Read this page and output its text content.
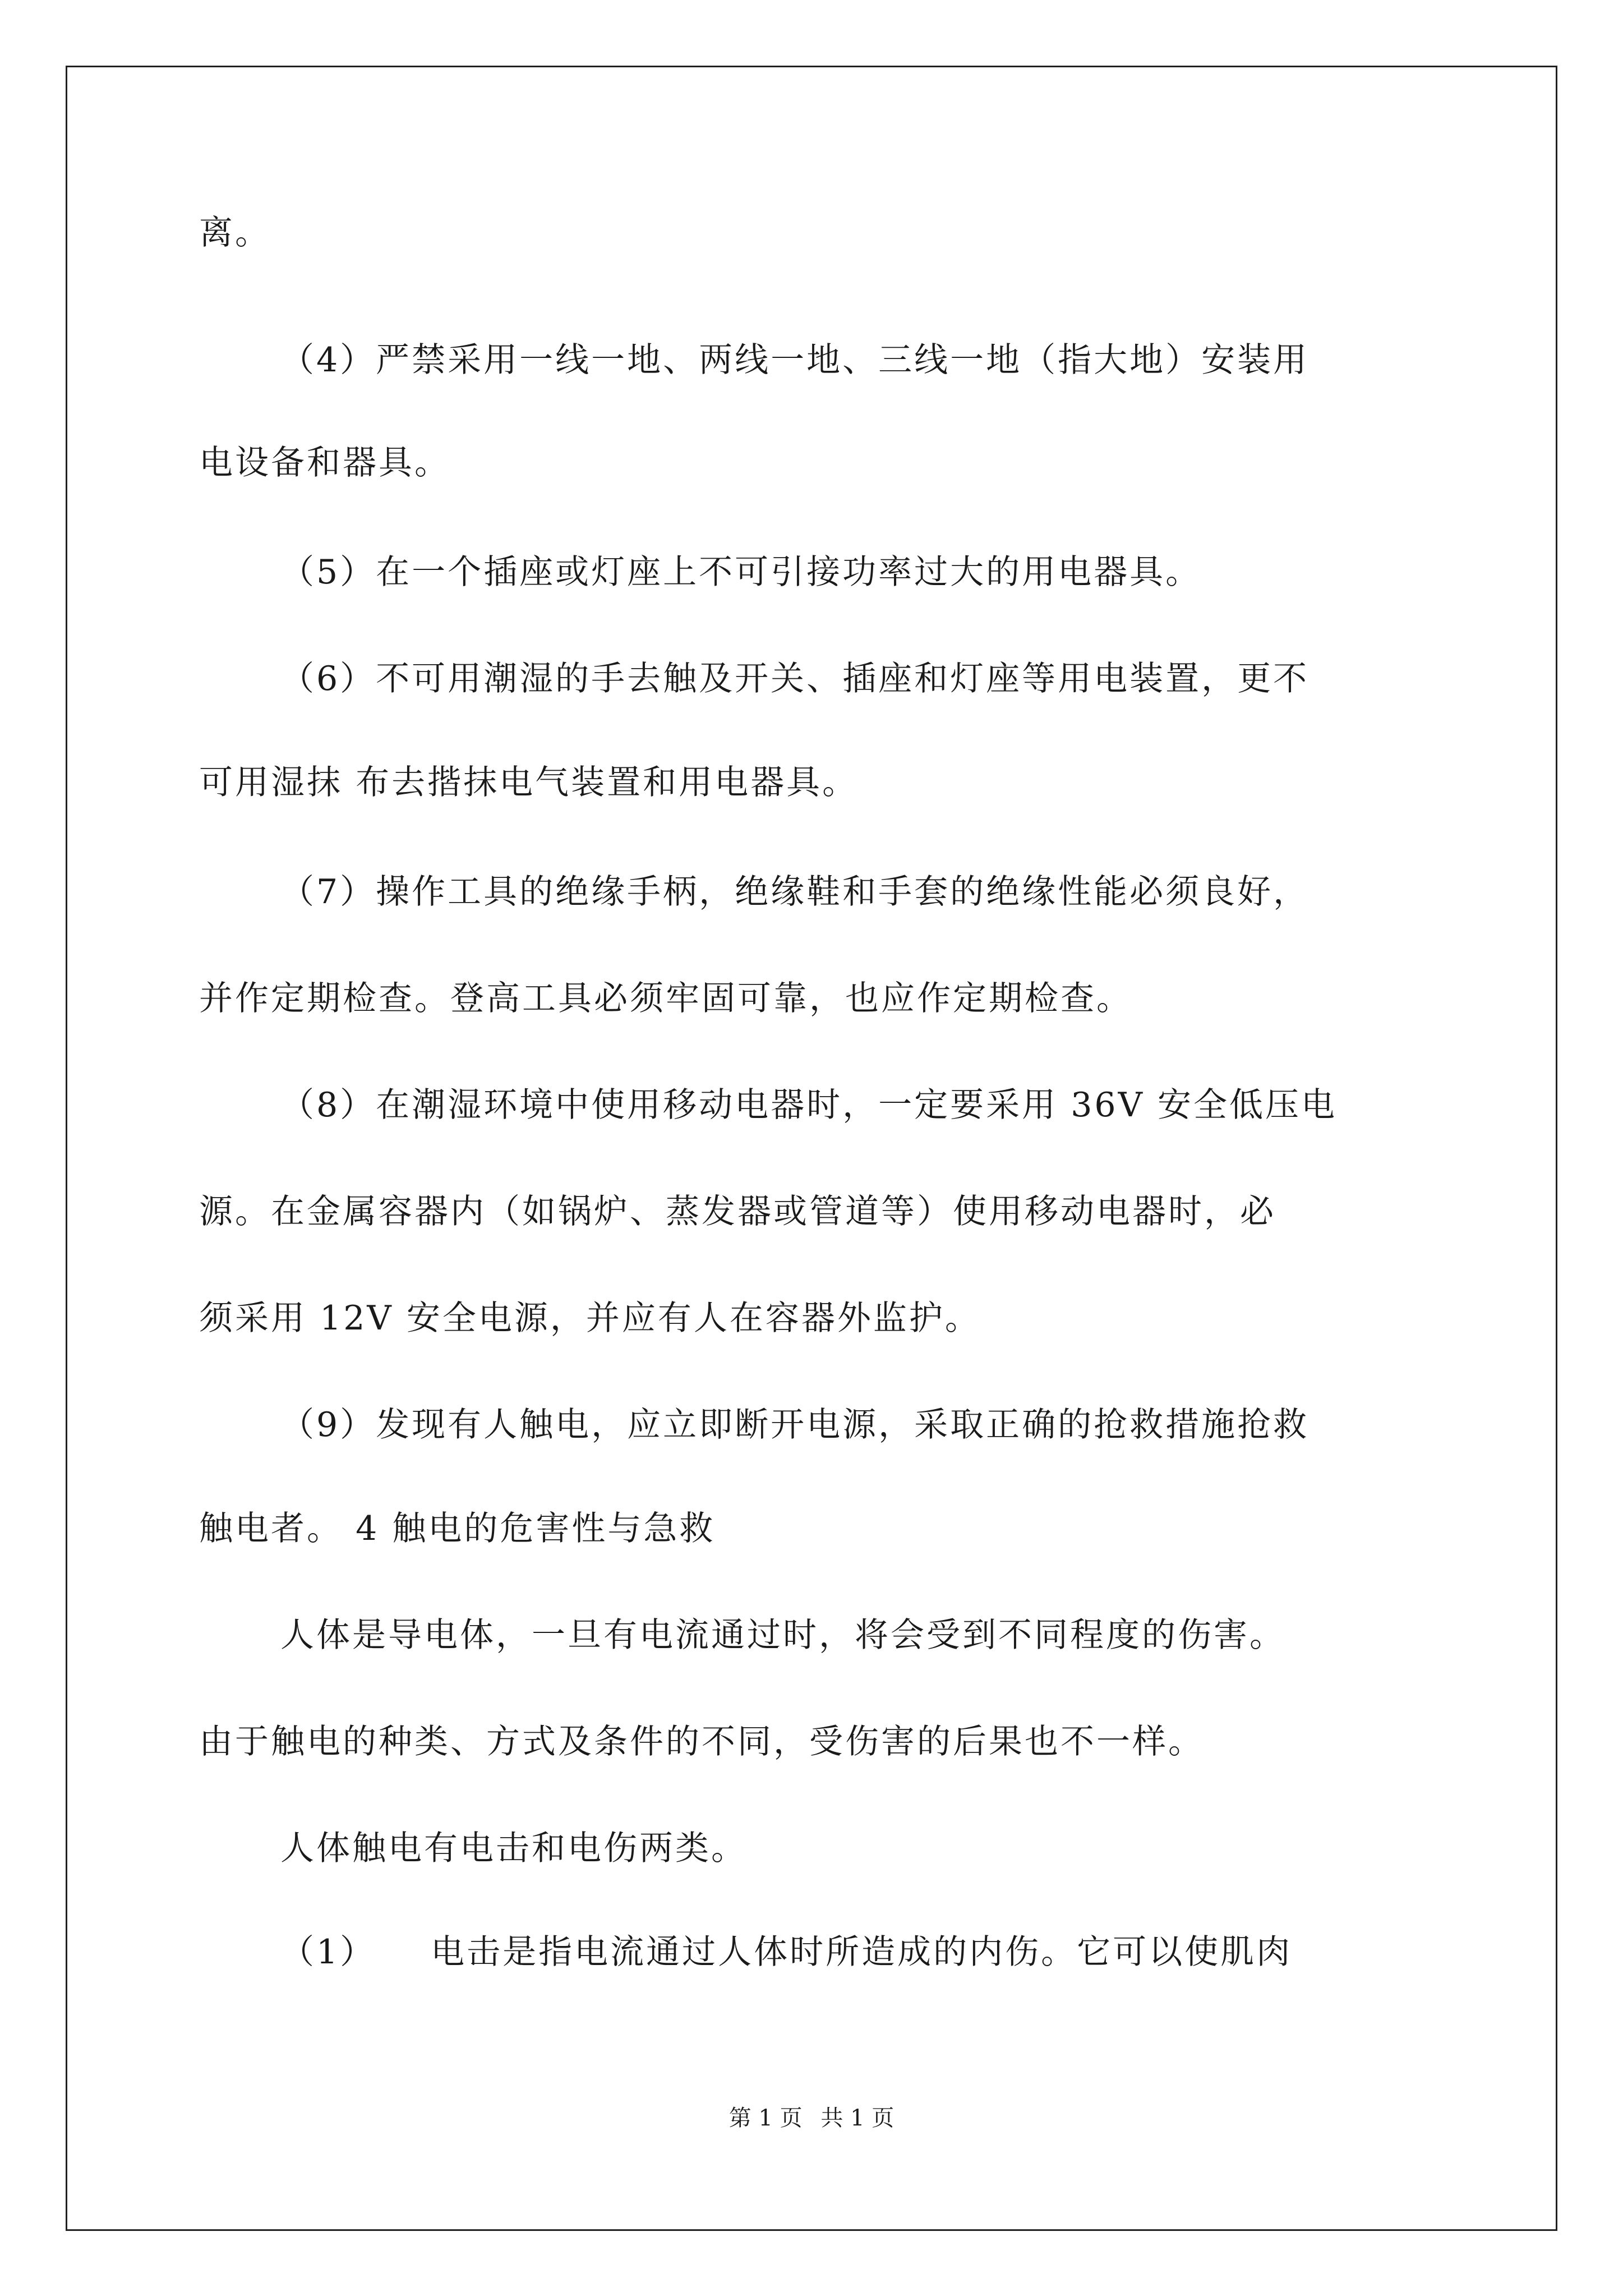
离。
（4）严禁采用一线一地、两线一地、三线一地（指大地）安装用
电设备和器具。
（5）在一个插座或灯座上不可引接功率过大的用电器具。
（6）不可用潮湿的手去触及开关、插座和灯座等用电装置，更不
可用湿抹 布去揩抹电气装置和用电器具。
（7）操作工具的绝缘手柄，绝缘鞋和手套的绝缘性能必须良好，
并作定期检查。登高工具必须牢固可靠，也应作定期检查。
（8）在潮湿环境中使用移动电器时，一定要采用 36V 安全低压电
源。在金属容器内（如锅炉、蒸发器或管道等）使用移动电器时，必
须采用 12V 安全电源，并应有人在容器外监护。
（9）发现有人触电，应立即断开电源，采取正确的抢救措施抢救
触电者。 4 触电的危害性与急救
人体是导电体，一旦有电流通过时，将会受到不同程度的伤害。
由于触电的种类、方式及条件的不同，受伤害的后果也不一样。
人体触电有电击和电伤两类。
（1）　　电击是指电流通过人体时所造成的内伤。它可以使肌肉
第 1 页 共 1 页
